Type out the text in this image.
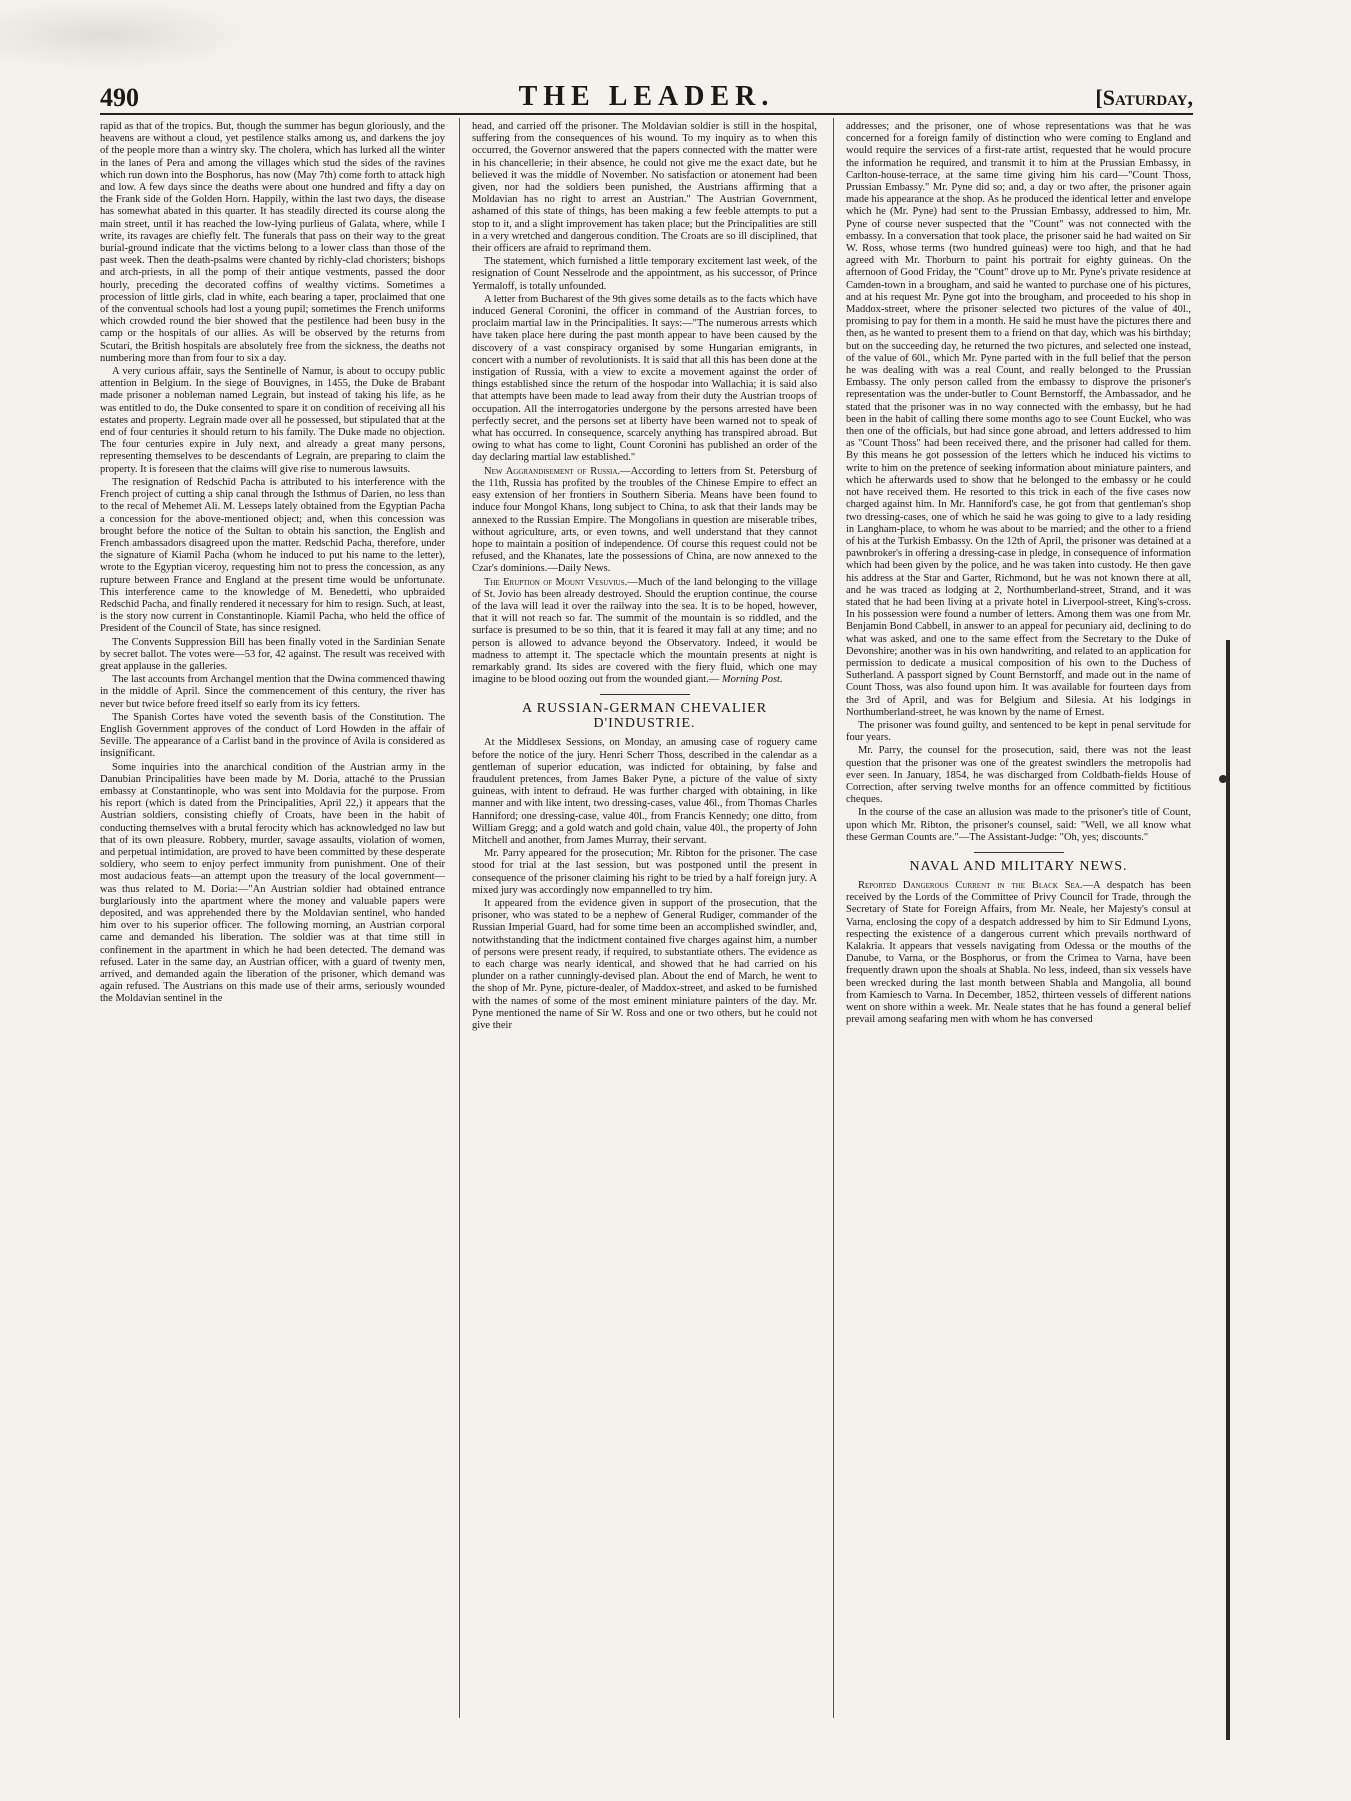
490	THE LEADER.	[Saturday,

rapid as that of the tropics. But, though the summer has begun gloriously, and the heavens are without a cloud, yet pestilence stalks among us, and darkens the joy of the people more than a wintry sky. The cholera, which has lurked all the winter in the lanes of Pera and among the villages which stud the sides of the ravines which run down into the Bosphorus, has now (May 7th) come forth to attack high and low. A few days since the deaths were about one hundred and fifty a day on the Frank side of the Golden Horn. Happily, within the last two days, the disease has somewhat abated in this quarter. It has steadily directed its course along the main street, until it has reached the low-lying purlieus of Galata, where, while I write, its ravages are chiefly felt. The funerals that pass on their way to the great burial-ground indicate that the victims belong to a lower class than those of the past week. Then the death-psalms were chanted by richly-clad choristers; bishops and arch-priests, in all the pomp of their antique vestments, passed the door hourly, preceding the decorated coffins of wealthy victims. Sometimes a procession of little girls, clad in white, each bearing a taper, proclaimed that one of the conventual schools had lost a young pupil; sometimes the French uniforms which crowded round the bier showed that the pestilence had been busy in the camp or the hospitals of our allies. As will be observed by the returns from Scutari, the British hospitals are absolutely free from the sickness, the deaths not numbering more than from four to six a day.

A very curious affair, says the Sentinelle of Namur, is about to occupy public attention in Belgium. In the siege of Bouvignes, in 1455, the Duke de Brabant made prisoner a nobleman named Legrain, but instead of taking his life, as he was entitled to do, the Duke consented to spare it on condition of receiving all his estates and property. Legrain made over all he possessed, but stipulated that at the end of four centuries it should return to his family. The Duke made no objection. The four centuries expire in July next, and already a great many persons, representing themselves to be descendants of Legrain, are preparing to claim the property. It is foreseen that the claims will give rise to numerous lawsuits.

The resignation of Redschid Pacha is attributed to his interference with the French project of cutting a ship canal through the Isthmus of Darien, no less than to the recal of Mehemet Ali. M. Lesseps lately obtained from the Egyptian Pacha a concession for the above-mentioned object; and, when this concession was brought before the notice of the Sultan to obtain his sanction, the English and French ambassadors disagreed upon the matter. Redschid Pacha, therefore, under the signature of Kiamil Pacha (whom he induced to put his name to the letter), wrote to the Egyptian viceroy, requesting him not to press the concession, as any rupture between France and England at the present time would be unfortunate. This interference came to the knowledge of M. Benedetti, who upbraided Redschid Pacha, and finally rendered it necessary for him to resign. Such, at least, is the story now current in Constantinople. Kiamil Pacha, who held the office of President of the Council of State, has since resigned.

The Convents Suppression Bill has been finally voted in the Sardinian Senate by secret ballot. The votes were—53 for, 42 against. The result was received with great applause in the galleries.

The last accounts from Archangel mention that the Dwina commenced thawing in the middle of April. Since the commencement of this century, the river has never but twice before freed itself so early from its icy fetters.

The Spanish Cortes have voted the seventh basis of the Constitution. The English Government approves of the conduct of Lord Howden in the affair of Seville. The appearance of a Carlist band in the province of Avila is considered as insignificant.

Some inquiries into the anarchical condition of the Austrian army in the Danubian Principalities have been made by M. Doria, attaché to the Prussian embassy at Constantinople, who was sent into Moldavia for the purpose. From his report (which is dated from the Principalities, April 22,) it appears that the Austrian soldiers, consisting chiefly of Croats, have been in the habit of conducting themselves with a brutal ferocity which has acknowledged no law but that of its own pleasure. Robbery, murder, savage assaults, violation of women, and perpetual intimidation, are proved to have been committed by these desperate soldiery, who seem to enjoy perfect immunity from punishment. One of their most audacious feats—an attempt upon the treasury of the local government—was thus related to M. Doria:—"An Austrian soldier had obtained entrance burglariously into the apartment where the money and valuable papers were deposited, and was apprehended there by the Moldavian sentinel, who handed him over to his superior officer. The following morning, an Austrian corporal came and demanded his liberation. The soldier was at that time still in confinement in the apartment in which he had been detected. The demand was refused. Later in the same day, an Austrian officer, with a guard of twenty men, arrived, and demanded again the liberation of the prisoner, which demand was again refused. The Austrians on this made use of their arms, seriously wounded the Moldavian sentinel in the

head, and carried off the prisoner. The Moldavian soldier is still in the hospital, suffering from the consequences of his wound. To my inquiry as to when this occurred, the Governor answered that the papers connected with the matter were in his chancellerie; in their absence, he could not give me the exact date, but he believed it was the middle of November. No satisfaction or atonement had been given, nor had the soldiers been punished, the Austrians affirming that a Moldavian has no right to arrest an Austrian." The Austrian Government, ashamed of this state of things, has been making a few feeble attempts to put a stop to it, and a slight improvement has taken place; but the Principalities are still in a very wretched and dangerous condition. The Croats are so ill disciplined, that their officers are afraid to reprimand them.

The statement, which furnished a little temporary excitement last week, of the resignation of Count Nesselrode and the appointment, as his successor, of Prince Yermaloff, is totally unfounded.

A letter from Bucharest of the 9th gives some details as to the facts which have induced General Coronini, the officer in command of the Austrian forces, to proclaim martial law in the Principalities. It says:—"The numerous arrests which have taken place here during the past month appear to have been caused by the discovery of a vast conspiracy organised by some Hungarian emigrants, in concert with a number of revolutionists. It is said that all this has been done at the instigation of Russia, with a view to excite a movement against the order of things established since the return of the hospodar into Wallachia; it is said also that attempts have been made to lead away from their duty the Austrian troops of occupation. All the interrogatories undergone by the persons arrested have been perfectly secret, and the persons set at liberty have been warned not to speak of what has occurred. In consequence, scarcely anything has transpired abroad. But owing to what has come to light, Count Coronini has published an order of the day declaring martial law established."

New Aggrandisement of Russia.—According to letters from St. Petersburg of the 11th, Russia has profited by the troubles of the Chinese Empire to effect an easy extension of her frontiers in Southern Siberia. Means have been found to induce four Mongol Khans, long subject to China, to ask that their lands may be annexed to the Russian Empire. The Mongolians in question are miserable tribes, without agriculture, arts, or even towns, and well understand that they cannot hope to maintain a position of independence. Of course this request could not be refused, and the Khanates, late the possessions of China, are now annexed to the Czar's dominions.—Daily News.

The Eruption of Mount Vesuvius.—Much of the land belonging to the village of St. Jovio has been already destroyed. Should the eruption continue, the course of the lava will lead it over the railway into the sea. It is to be hoped, however, that it will not reach so far. The summit of the mountain is so riddled, and the surface is presumed to be so thin, that it is feared it may fall at any time; and no person is allowed to advance beyond the Observatory. Indeed, it would be madness to attempt it. The spectacle which the mountain presents at night is remarkably grand. Its sides are covered with the fiery fluid, which one may imagine to be blood oozing out from the wounded giant.— Morning Post.

A RUSSIAN-GERMAN CHEVALIER D'INDUSTRIE.

At the Middlesex Sessions, on Monday, an amusing case of roguery came before the notice of the jury. Henri Scherr Thoss, described in the calendar as a gentleman of superior education, was indicted for obtaining, by false and fraudulent pretences, from James Baker Pyne, a picture of the value of sixty guineas, with intent to defraud. He was further charged with obtaining, in like manner and with like intent, two dressing-cases, value 46l., from Thomas Charles Hanniford; one dressing-case, value 40l., from Francis Kennedy; one ditto, from William Gregg; and a gold watch and gold chain, value 40l., the property of John Mitchell and another, from James Murray, their servant.

Mr. Parry appeared for the prosecution; Mr. Ribton for the prisoner. The case stood for trial at the last session, but was postponed until the present in consequence of the prisoner claiming his right to be tried by a half foreign jury. A mixed jury was accordingly now empannelled to try him.

It appeared from the evidence given in support of the prosecution, that the prisoner, who was stated to be a nephew of General Rudiger, commander of the Russian Imperial Guard, had for some time been an accomplished swindler, and, notwithstanding that the indictment contained five charges against him, a number of persons were present ready, if required, to substantiate others. The evidence as to each charge was nearly identical, and showed that he had carried on his plunder on a rather cunningly-devised plan. About the end of March, he went to the shop of Mr. Pyne, picture-dealer, of Maddox-street, and asked to be furnished with the names of some of the most eminent miniature painters of the day. Mr. Pyne mentioned the name of Sir W. Ross and one or two others, but he could not give their

addresses; and the prisoner, one of whose representations was that he was concerned for a foreign family of distinction who were coming to England and would require the services of a first-rate artist, requested that he would procure the information he required, and transmit it to him at the Prussian Embassy, in Carlton-house-terrace, at the same time giving him his card—"Count Thoss, Prussian Embassy." Mr. Pyne did so; and, a day or two after, the prisoner again made his appearance at the shop. As he produced the identical letter and envelope which he (Mr. Pyne) had sent to the Prussian Embassy, addressed to him, Mr. Pyne of course never suspected that the "Count" was not connected with the embassy. In a conversation that took place, the prisoner said he had waited on Sir W. Ross, whose terms (two hundred guineas) were too high, and that he had agreed with Mr. Thorburn to paint his portrait for eighty guineas. On the afternoon of Good Friday, the "Count" drove up to Mr. Pyne's private residence at Camden-town in a brougham, and said he wanted to purchase one of his pictures, and at his request Mr. Pyne got into the brougham, and proceeded to his shop in Maddox-street, where the prisoner selected two pictures of the value of 40l., promising to pay for them in a month. He said he must have the pictures there and then, as he wanted to present them to a friend on that day, which was his birthday; but on the succeeding day, he returned the two pictures, and selected one instead, of the value of 60l., which Mr. Pyne parted with in the full belief that the person he was dealing with was a real Count, and really belonged to the Prussian Embassy. The only person called from the embassy to disprove the prisoner's representation was the under-butler to Count Bernstorff, the Ambassador, and he stated that the prisoner was in no way connected with the embassy, but he had been in the habit of calling there some months ago to see Count Euckel, who was then one of the officials, but had since gone abroad, and letters addressed to him as "Count Thoss" had been received there, and the prisoner had called for them. By this means he got possession of the letters which he induced his victims to write to him on the pretence of seeking information about miniature painters, and which he afterwards used to show that he belonged to the embassy or he could not have received them. He resorted to this trick in each of the five cases now charged against him. In Mr. Hanniford's case, he got from that gentleman's shop two dressing-cases, one of which he said he was going to give to a lady residing in Langham-place, to whom he was about to be married; and the other to a friend of his at the Turkish Embassy. On the 12th of April, the prisoner was detained at a pawnbroker's in offering a dressing-case in pledge, in consequence of information which had been given by the police, and he was taken into custody. He then gave his address at the Star and Garter, Richmond, but he was not known there at all, and he was traced as lodging at 2, Northumberland-street, Strand, and it was stated that he had been living at a private hotel in Liverpool-street, King's-cross. In his possession were found a number of letters. Among them was one from Mr. Benjamin Bond Cabbell, in answer to an appeal for pecuniary aid, declining to do what was asked, and one to the same effect from the Secretary to the Duke of Devonshire; another was in his own handwriting, and related to an application for permission to dedicate a musical composition of his own to the Duchess of Sutherland. A passport signed by Count Bernstorff, and made out in the name of Count Thoss, was also found upon him. It was available for fourteen days from the 3rd of April, and was for Belgium and Silesia. At his lodgings in Northumberland-street, he was known by the name of Ernest.

The prisoner was found guilty, and sentenced to be kept in penal servitude for four years.

Mr. Parry, the counsel for the prosecution, said, there was not the least question that the prisoner was one of the greatest swindlers the metropolis had ever seen. In January, 1854, he was discharged from Coldbath-fields House of Correction, after serving twelve months for an offence committed by fictitious cheques.

In the course of the case an allusion was made to the prisoner's title of Count, upon which Mr. Ribton, the prisoner's counsel, said: "Well, we all know what these German Counts are."—The Assistant-Judge: "Oh, yes; discounts."

NAVAL AND MILITARY NEWS.

Reported Dangerous Current in the Black Sea.—A despatch has been received by the Lords of the Committee of Privy Council for Trade, through the Secretary of State for Foreign Affairs, from Mr. Neale, her Majesty's consul at Varna, enclosing the copy of a despatch addressed by him to Sir Edmund Lyons, respecting the existence of a dangerous current which prevails northward of Kalakria. It appears that vessels navigating from Odessa or the mouths of the Danube, to Varna, or the Bosphorus, or from the Crimea to Varna, have been frequently drawn upon the shoals at Shabla. No less, indeed, than six vessels have been wrecked during the last month between Shabla and Mangolia, all bound from Kamiesch to Varna. In December, 1852, thirteen vessels of different nations went on shore within a week. Mr. Neale states that he has found a general belief prevail among seafaring men with whom he has conversed
